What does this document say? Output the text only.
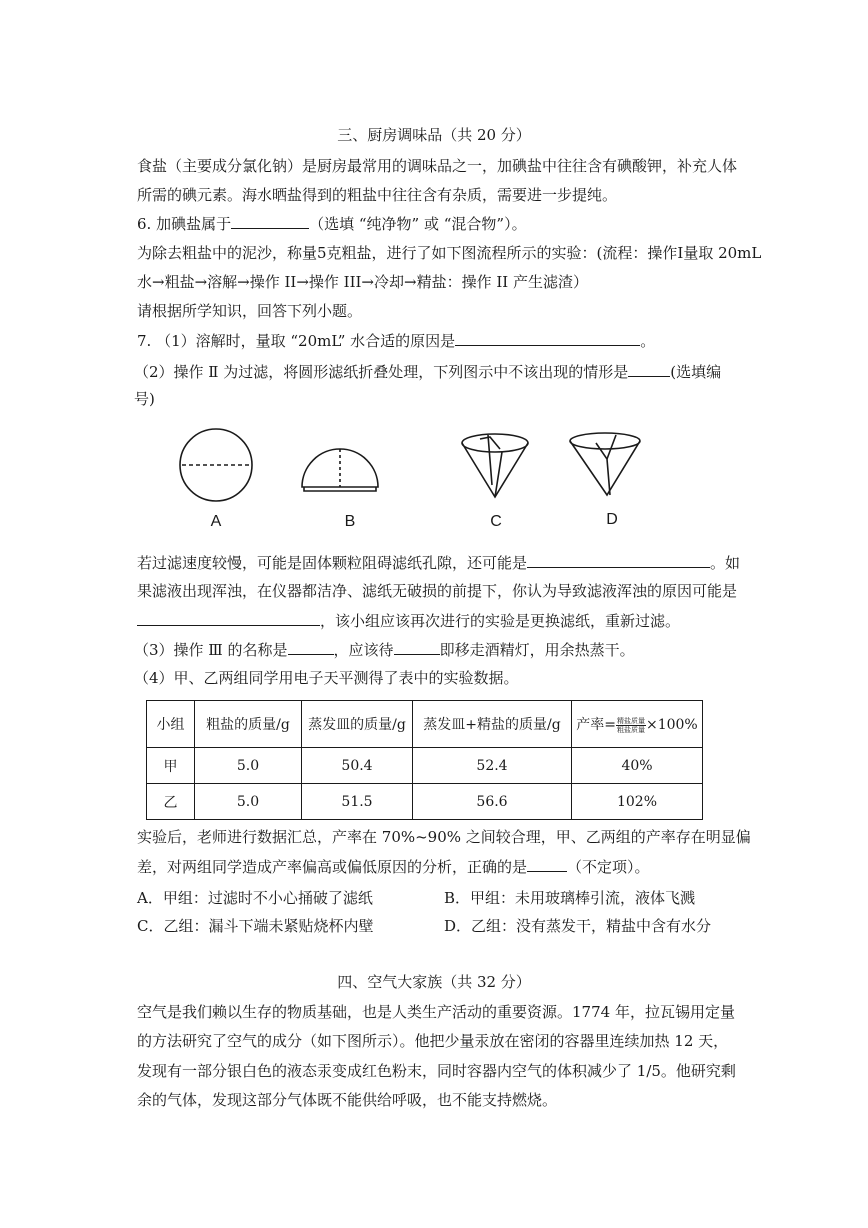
三、厨房调味品（共 20 分）
食盐（主要成分氯化钠）是厨房最常用的调味品之一，加碘盐中往往含有碘酸钾，补充人体
所需的碘元素。海水晒盐得到的粗盐中往往含有杂质，需要进一步提纯。
6. 加碘盐属于	（选填 “纯净物” 或 “混合物”）。
为除去粗盐中的泥沙，称量5克粗盐，进行了如下图流程所示的实验：(流程：操作Ⅰ量取 20mL
水→粗盐→溶解→操作 II→操作 III→冷却→精盐：操作 II 产生滤渣）
请根据所学知识，回答下列小题。
7. （1）溶解时，量取 “20mL” 水合适的原因是	。
（2）操作 Ⅱ 为过滤，将圆形滤纸折叠处理，下列图示中不该出现的情形是	(选填编
号)
A	B	C	D
若过滤速度较慢，可能是固体颗粒阻碍滤纸孔隙，还可能是	。如
果滤液出现浑浊，在仪器都洁净、滤纸无破损的前提下，你认为导致滤液浑浊的原因可能是
，该小组应该再次进行的实验是更换滤纸，重新过滤。
（3）操作 Ⅲ 的名称是	，应该待	即移走酒精灯，用余热蒸干。
（4）甲、乙两组同学用电子天平测得了表中的实验数据。
小组	粗盐的质量/g	蒸发皿的质量/g	蒸发皿+精盐的质量/g	产率= $\frac{\text{精盐质量}}{\text{粗盐质量}} \times 100\%$
甲	5.0	50.4	52.4	40%
乙	5.0	51.5	56.6	102%
实验后，老师进行数据汇总，产率在 70%~90% 之间较合理，甲、乙两组的产率存在明显偏
差，对两组同学造成产率偏高或偏低原因的分析，正确的是	（不定项）。
A．甲组：过滤时不小心捅破了滤纸	B．甲组：未用玻璃棒引流，液体飞溅
C．乙组：漏斗下端未紧贴烧杯内壁	D．乙组：没有蒸发干，精盐中含有水分
四、空气大家族（共 32 分）
空气是我们赖以生存的物质基础，也是人类生产活动的重要资源。1774 年，拉瓦锡用定量
的方法研究了空气的成分（如下图所示）。他把少量汞放在密闭的容器里连续加热 12 天，
发现有一部分银白色的液态汞变成红色粉末，同时容器内空气的体积减少了 1/5。他研究剩
余的气体，发现这部分气体既不能供给呼吸，也不能支持燃烧。
